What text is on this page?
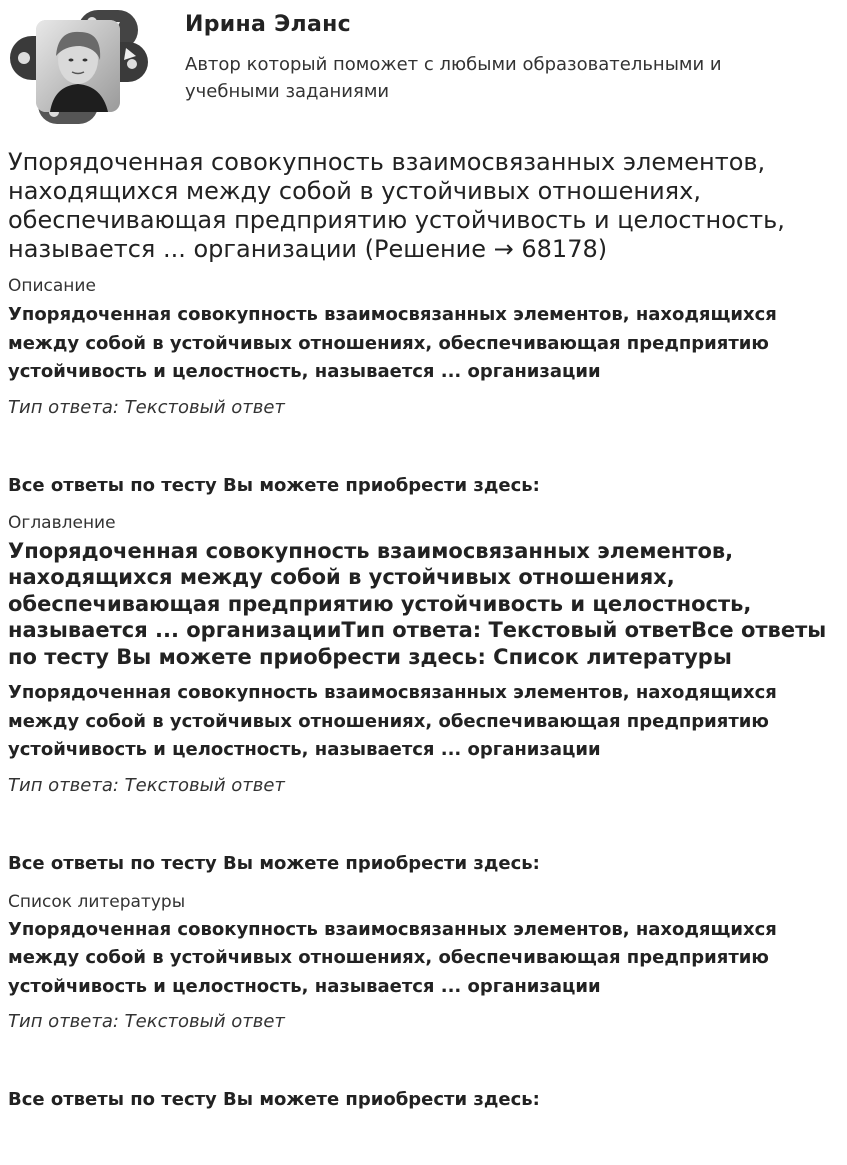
Ирина Эланс
Автор который поможет с любыми образовательными и учебными заданиями
Упорядоченная совокупность взаимосвязанных элементов, находящихся между собой в устойчивых отношениях, обеспечивающая предприятию устойчивость и целостность, называется ... организации (Решение → 68178)

Описание

Упорядоченная совокупность взаимосвязанных элементов, находящихся между собой в устойчивых отношениях, обеспечивающая предприятию устойчивость и целостность, называется ... организации

Тип ответа: Текстовый ответ

Все ответы по тесту Вы можете приобрести здесь:

Оглавление

Упорядоченная совокупность взаимосвязанных элементов, находящихся между собой в устойчивых отношениях, обеспечивающая предприятию устойчивость и целостность, называется ... организацииТип ответа: Текстовый ответВсе ответы по тесту Вы можете приобрести здесь: Список литературы

Упорядоченная совокупность взаимосвязанных элементов, находящихся между собой в устойчивых отношениях, обеспечивающая предприятию устойчивость и целостность, называется ... организации

Тип ответа: Текстовый ответ

Все ответы по тесту Вы можете приобрести здесь:

Список литературы

Упорядоченная совокупность взаимосвязанных элементов, находящихся между собой в устойчивых отношениях, обеспечивающая предприятию устойчивость и целостность, называется ... организации

Тип ответа: Текстовый ответ

Все ответы по тесту Вы можете приобрести здесь:
